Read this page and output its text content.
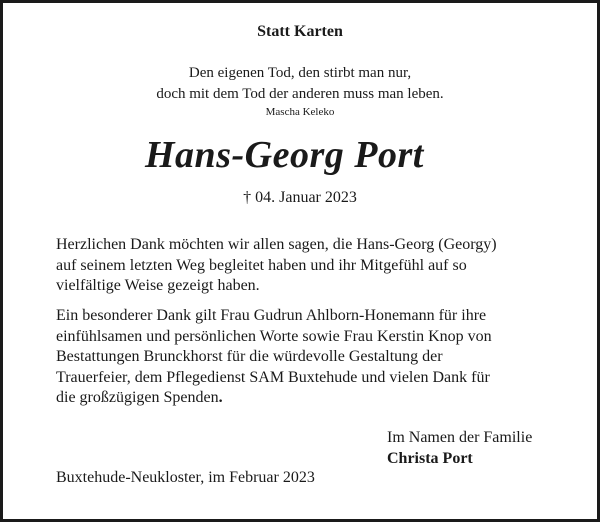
Statt Karten
Den eigenen Tod, den stirbt man nur,
doch mit dem Tod der anderen muss man leben.
Mascha Keleko
Hans-Georg Port
† 04. Januar 2023
Herzlichen Dank möchten wir allen sagen, die Hans-Georg (Georgy)
auf seinem letzten Weg begleitet haben und ihr Mitgefühl auf so
vielfältige Weise gezeigt haben.
Ein besonderer Dank gilt Frau Gudrun Ahlborn-Honemann für ihre
einfühlsamen und persönlichen Worte sowie Frau Kerstin Knop von
Bestattungen Brunckhorst für die würdevolle Gestaltung der
Trauerfeier, dem Pflegedienst SAM Buxtehude und vielen Dank für
die großzügigen Spenden.
Im Namen der Familie
Christa Port
Buxtehude-Neukloster, im Februar 2023
